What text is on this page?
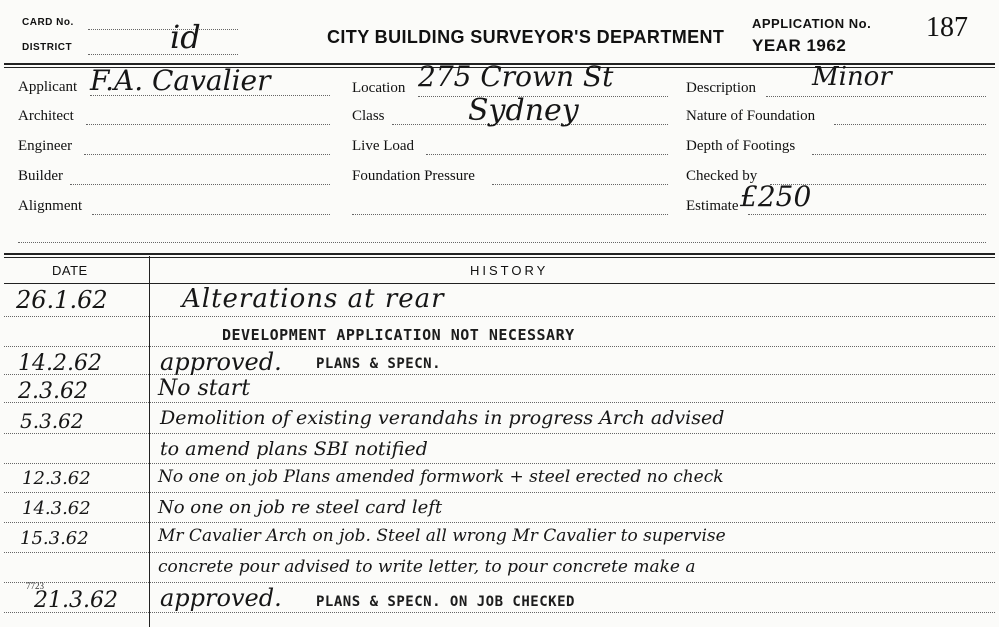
CARD No.
DISTRICT	id	CITY BUILDING SURVEYOR'S DEPARTMENT
APPLICATION No. 187
YEAR 1962
Applicant F.A. Cavalier
Architect
Engineer
Builder
Alignment
Location 275 Crown St
Class	Sydney
Live Load
Foundation Pressure
Description Minor
Nature of Foundation
Depth of Footings
Checked by
Estimate £250
DATE	HISTORY
26.1.62	Alterations at rear
DEVELOPMENT APPLICATION NOT NECESSARY
14.2.62 approved. PLANS & SPECN.
2.3.62	No start
5.3.62	Demolition of existing verandahs in progress Arch advised
to amend plans SBI notified
12.3.62	No one on job Plans amended formwork + steel erected no check
14.3.62	No one on job re steel card left
15.3.62	Mr Cavalier Arch on job. Steel all wrong Mr Cavalier to supervise
concrete pour advised to write letter, to pour concrete make a
7723
21.3.62 approved. PLANS & SPECN. ON JOB CHECKED
